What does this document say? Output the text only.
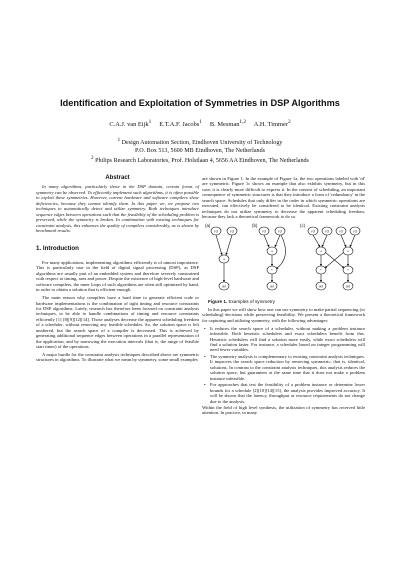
Identification and Exploitation of Symmetries in DSP Algorithms
C.A.J. van Eijk$^1$ E.T.A.F. Jacobs$^1$ B. Mesman$^{1,2}$ A.H. Timmer$^2$
$^1$ Design Automation Section, Eindhoven University of Technology
P.O. Box 513, 5600 MB Eindhoven, The Netherlands
$^2$ Philips Research Laboratories, Prof. Holstlaan 4, 5656 AA Eindhoven, The Netherlands
Abstract

In many algorithms, particularly those in the DSP domain, certain forms of symmetry can be observed. To efficiently implement such algorithms, it is often possible to exploit these symmetries. However, current hardware and software compilers show deficiencies, because they cannot identify them. In this paper we, we propose two techniques to automatically detect and utilize symmetry. Both techniques introduce sequence edges between operations such that the feasibility of the scheduling problem is preserved, while the symmetry is broken. In combination with existing techniques for constraint analysis, this enhances the quality of compilers considerably, as is shown by benchmark results.

1. Introduction

For many applications, implementing algorithms efficiently is of utmost importance. This is particularly true in the field of digital signal processing (DSP), as DSP algorithms are usually part of an embedded system and therefore severely constrained with respect to timing, area and power. Despite the existence of high-level hardware and software compilers, the inner loops of such algorithms are often still optimized by hand, in order to obtain a solution that is efficient enough.

The main reason why compilers have a hard time to generate efficient code or hardware implementations is the combination of tight timing and resource constraints for DSP algorithms. Lately, research has therefore been focused on constraint analysis techniques, to be able to handle combinations of timing and resource constraints efficiently [1] [8][9][12][14]. Those analyses decrease the apparent scheduling freedom of a scheduler, without removing any feasible schedules. So, the solution space is left unaltered, but the search space of a compiler is decreased. This is achieved by generating additional sequence edges between operations in a parallel representation of the application, and by narrowing the execution intervals (that is, the range of feasible start times) of the operations.

A major hurdle for the constraint analysis techniques described above are symmetric structures in algorithms. To illustrate what we mean by symmetry, some small examples

are shown in Figure 1. In the example of Figure 1a, the two operations labeled with 'rd' are symmetric. Figure 1c shows an example that also exhibits symmetry, but in this case, it is clearly more difficult to express it. In the context of scheduling, an important consequence of symmetric structures is that they introduce a form of 'redundancy' in the search space: Schedules that only differ in the order in which symmetric operations are executed, can effectively be considered to be identical. Existing constraint analysis techniques do not utilize symmetry to decrease the apparent scheduling freedom, because they lack a theoretical framework to do so.

(a)
rd	rd
+
wr
(b)
rd	rd
+
*
wr
(c)
rd	rd	rd	rd
+	+
*	*
wr	wr

Figure 1. Examples of symmetry

In this paper we will show how one can use symmetry to make partial sequencing (or scheduling) decisions while preserving feasibility. We present a theoretical framework for capturing and utilizing symmetry, with the following advantages:

• It reduces the search space of a scheduler, without making a problem instance infeasible. Both heuristic schedulers and exact schedulers benefit from this. Heuristic schedulers will find a solution more easily, while exact schedulers will find a solution faster. For instance, a scheduler based on integer programming will need fewer variables.
• The symmetry analysis is complementary to existing constraint analysis techniques. It improves the search space reduction by removing symmetric, that is, identical, solutions. In contrast to the constraint analysis techniques, this analysis reduces the solution space, but guarantees at the same time that it does not make a problem instance infeasible.
• For approaches that test the feasibility of a problem instance or determine lower bounds for a schedule [2][10][14][15], the analysis provides improved accuracy. It will be shown that the latency, throughput or resource requirements do not change due to the analysis.

Within the field of high level synthesis, the utilization of symmetry has received little attention. In practice, in many
